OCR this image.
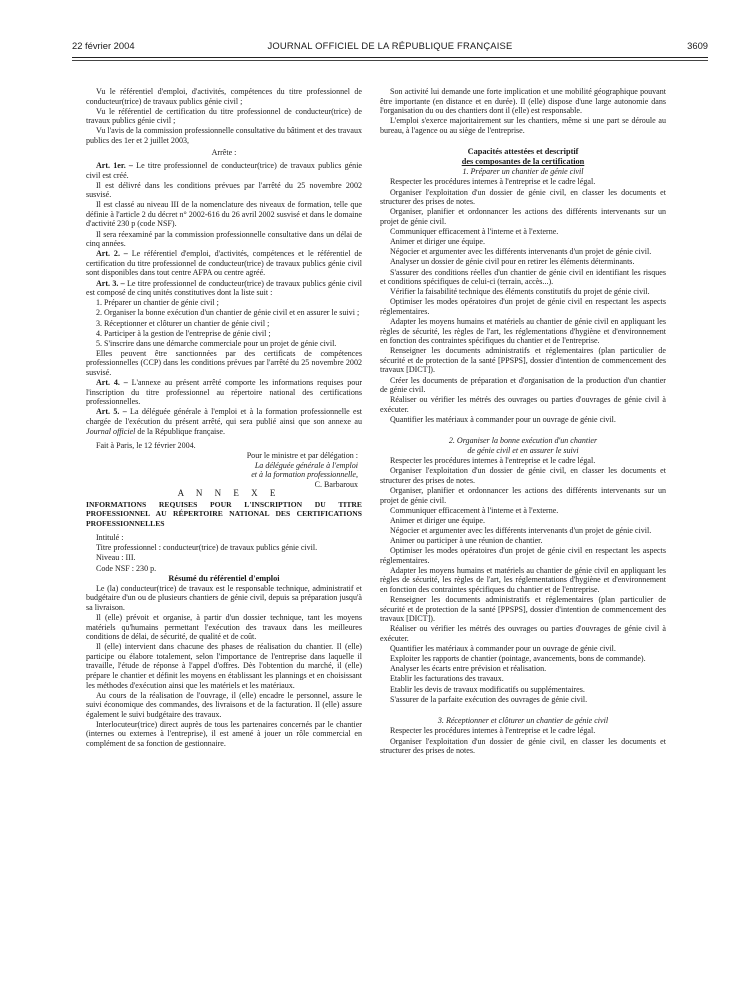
22 février 2004	JOURNAL OFFICIEL DE LA RÉPUBLIQUE FRANÇAISE	3609

Vu le référentiel d'emploi, d'activités, compétences du titre professionnel de conducteur(trice) de travaux publics génie civil ;

Vu le référentiel de certification du titre professionnel de conducteur(trice) de travaux publics génie civil ;

Vu l'avis de la commission professionnelle consultative du bâtiment et des travaux publics des 1er et 2 juillet 2003,

Arrête :

Art. 1er. – Le titre professionnel de conducteur(trice) de travaux publics génie civil est créé.

Il est délivré dans les conditions prévues par l'arrêté du 25 novembre 2002 susvisé.

Il est classé au niveau III de la nomenclature des niveaux de formation, telle que définie à l'article 2 du décret n° 2002-616 du 26 avril 2002 susvisé et dans le domaine d'activité 230 p (code NSF).

Il sera réexaminé par la commission professionnelle consultative dans un délai de cinq années.

Art. 2. – Le référentiel d'emploi, d'activités, compétences et le référentiel de certification du titre professionnel de conducteur(trice) de travaux publics génie civil sont disponibles dans tout centre AFPA ou centre agréé.

Art. 3. – Le titre professionnel de conducteur(trice) de travaux publics génie civil est composé de cinq unités constitutives dont la liste suit :

1. Préparer un chantier de génie civil ;

2. Organiser la bonne exécution d'un chantier de génie civil et en assurer le suivi ;

3. Réceptionner et clôturer un chantier de génie civil ;

4. Participer à la gestion de l'entreprise de génie civil ;

5. S'inscrire dans une démarche commerciale pour un projet de génie civil.

Elles peuvent être sanctionnées par des certificats de compétences professionnelles (CCP) dans les conditions prévues par l'arrêté du 25 novembre 2002 susvisé.

Art. 4. – L'annexe au présent arrêté comporte les informations requises pour l'inscription du titre professionnel au répertoire national des certifications professionnelles.

Art. 5. – La déléguée générale à l'emploi et à la formation professionnelle est chargée de l'exécution du présent arrêté, qui sera publié ainsi que son annexe au Journal officiel de la République française.

Fait à Paris, le 12 février 2004.

Pour le ministre et par délégation :

La déléguée générale à l'emploi

et à la formation professionnelle,

C. Barbaroux

A N N E X E

INFORMATIONS REQUISES POUR L'INSCRIPTION DU TITRE PROFESSIONNEL AU RÉPERTOIRE NATIONAL DES CERTIFICATIONS PROFESSIONNELLES

Intitulé :

Titre professionnel : conducteur(trice) de travaux publics génie civil.

Niveau : III.

Code NSF : 230 p.

Résumé du référentiel d'emploi

Le (la) conducteur(trice) de travaux est le responsable technique, administratif et budgétaire d'un ou de plusieurs chantiers de génie civil, depuis sa préparation jusqu'à sa livraison.

Il (elle) prévoit et organise, à partir d'un dossier technique, tant les moyens matériels qu'humains permettant l'exécution des travaux dans les meilleures conditions de délai, de sécurité, de qualité et de coût.

Il (elle) intervient dans chacune des phases de réalisation du chantier. Il (elle) participe ou élabore totalement, selon l'importance de l'entreprise dans laquelle il travaille, l'étude de réponse à l'appel d'offres. Dès l'obtention du marché, il (elle) prépare le chantier et définit les moyens en établissant les plannings et en choisissant les méthodes d'exécution ainsi que les matériels et les matériaux.

Au cours de la réalisation de l'ouvrage, il (elle) encadre le personnel, assure le suivi économique des commandes, des livraisons et de la facturation. Il (elle) assure également le suivi budgétaire des travaux.

Interlocuteur(trice) direct auprès de tous les partenaires concernés par le chantier (internes ou externes à l'entreprise), il est amené à jouer un rôle commercial en complément de sa fonction de gestionnaire.

Son activité lui demande une forte implication et une mobilité géographique pouvant être importante (en distance et en durée). Il (elle) dispose d'une large autonomie dans l'organisation du ou des chantiers dont il (elle) est responsable.

L'emploi s'exerce majoritairement sur les chantiers, même si une part se déroule au bureau, à l'agence ou au siège de l'entreprise.

Capacités attestées et descriptif
des composantes de la certification

1. Préparer un chantier de génie civil

Respecter les procédures internes à l'entreprise et le cadre légal.

Organiser l'exploitation d'un dossier de génie civil, en classer les documents et structurer des prises de notes.

Organiser, planifier et ordonnancer les actions des différents intervenants sur un projet de génie civil.

Communiquer efficacement à l'interne et à l'externe.

Animer et diriger une équipe.

Négocier et argumenter avec les différents intervenants d'un projet de génie civil.

Analyser un dossier de génie civil pour en retirer les éléments déterminants.

S'assurer des conditions réelles d'un chantier de génie civil en identifiant les risques et conditions spécifiques de celui-ci (terrain, accès...).

Vérifier la faisabilité technique des éléments constitutifs du projet de génie civil.

Optimiser les modes opératoires d'un projet de génie civil en respectant les aspects réglementaires.

Adapter les moyens humains et matériels au chantier de génie civil en appliquant les règles de sécurité, les règles de l'art, les réglementations d'hygiène et d'environnement en fonction des contraintes spécifiques du chantier et de l'entreprise.

Renseigner les documents administratifs et réglementaires (plan particulier de sécurité et de protection de la santé [PPSPS], dossier d'intention de commencement des travaux [DICT]).

Créer les documents de préparation et d'organisation de la production d'un chantier de génie civil.

Réaliser ou vérifier les métrés des ouvrages ou parties d'ouvrages de génie civil à exécuter.

Quantifier les matériaux à commander pour un ouvrage de génie civil.

2. Organiser la bonne exécution d'un chantier

de génie civil et en assurer le suivi

Respecter les procédures internes à l'entreprise et le cadre légal.

Organiser l'exploitation d'un dossier de génie civil, en classer les documents et structurer des prises de notes.

Organiser, planifier et ordonnancer les actions des différents intervenants sur un projet de génie civil.

Communiquer efficacement à l'interne et à l'externe.

Animer et diriger une équipe.

Négocier et argumenter avec les différents intervenants d'un projet de génie civil.

Animer ou participer à une réunion de chantier.

Optimiser les modes opératoires d'un projet de génie civil en respectant les aspects réglementaires.

Adapter les moyens humains et matériels au chantier de génie civil en appliquant les règles de sécurité, les règles de l'art, les réglementations d'hygiène et d'environnement en fonction des contraintes spécifiques du chantier et de l'entreprise.

Renseigner les documents administratifs et réglementaires (plan particulier de sécurité et de protection de la santé [PPSPS], dossier d'intention de commencement des travaux [DICT]).

Réaliser ou vérifier les métrés des ouvrages ou parties d'ouvrages de génie civil à exécuter.

Quantifier les matériaux à commander pour un ouvrage de génie civil.

Exploiter les rapports de chantier (pointage, avancements, bons de commande).

Analyser les écarts entre prévision et réalisation.

Etablir les facturations des travaux.

Etablir les devis de travaux modificatifs ou supplémentaires.

S'assurer de la parfaite exécution des ouvrages de génie civil.

3. Réceptionner et clôturer un chantier de génie civil

Respecter les procédures internes à l'entreprise et le cadre légal.

Organiser l'exploitation d'un dossier de génie civil, en classer les documents et structurer des prises de notes.
